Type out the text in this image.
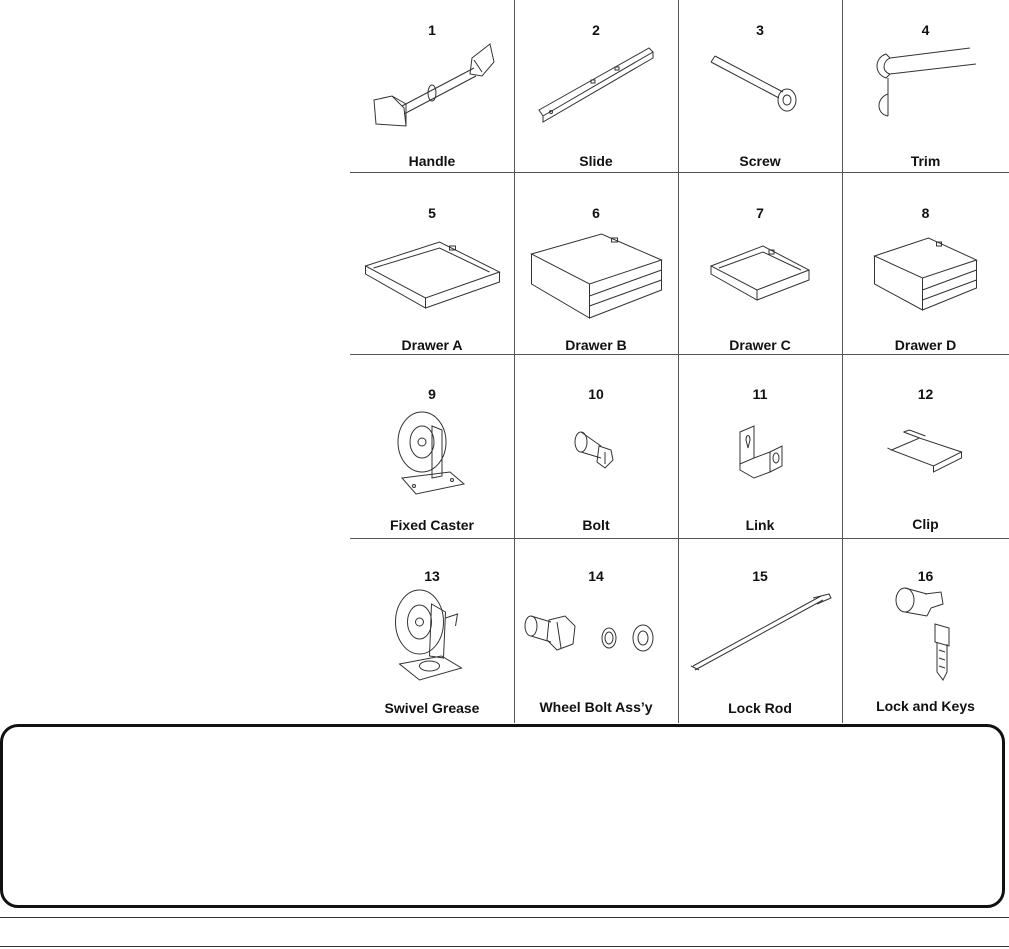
1
Handle
2
Slide
3
Screw
4
Trim
5
Drawer A
6
Drawer B
7
Drawer C
8
Drawer D
9
Fixed Caster
10
Bolt
11
Link
12
Clip
13
Swivel Grease
14
Wheel Bolt Ass’y
15
Lock Rod
16
Lock and Keys
